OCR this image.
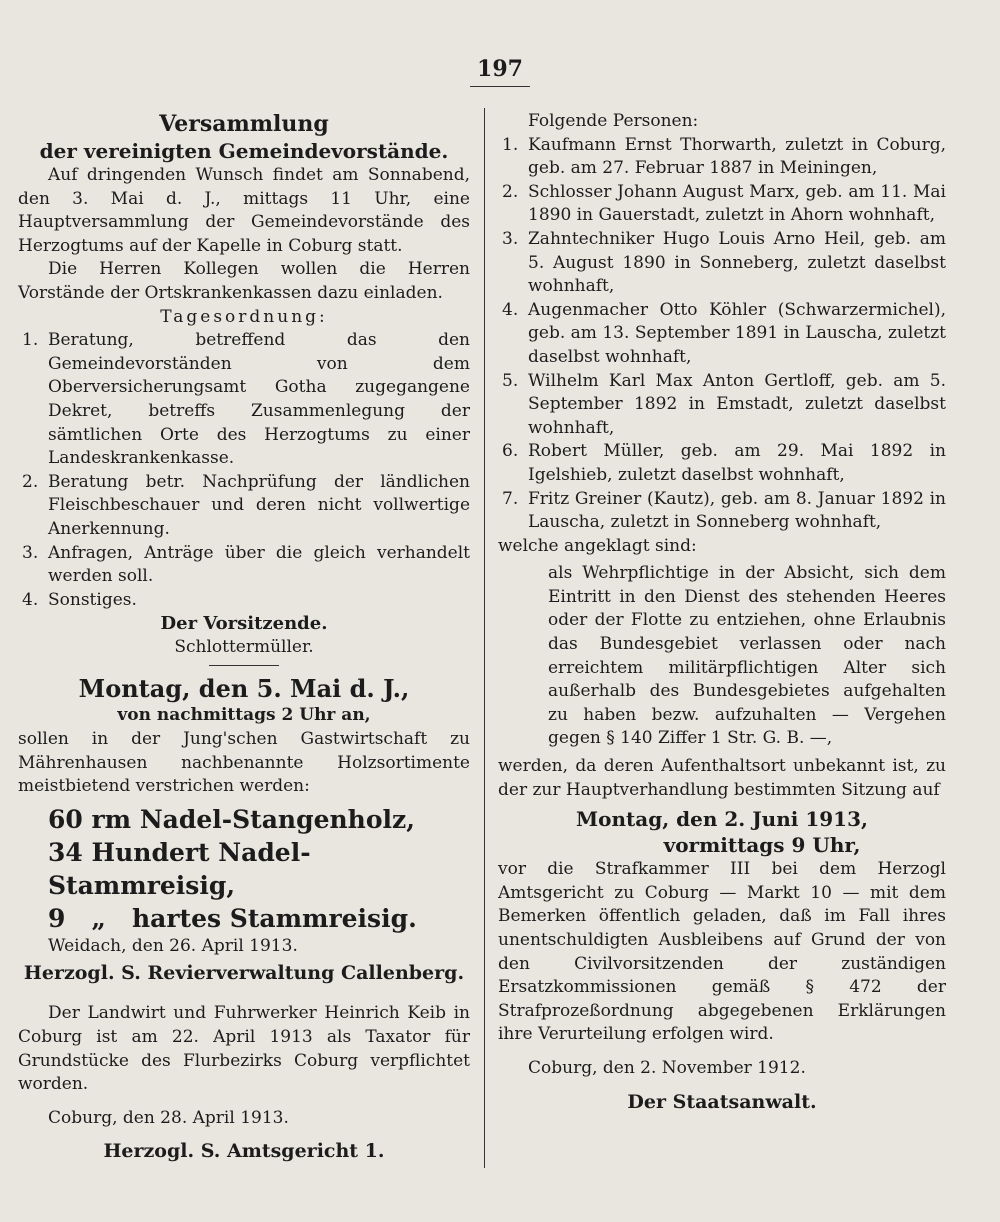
197

Versammlung

der vereinigten Gemeindevorstände.

Auf dringenden Wunsch findet am Sonnabend, den 3. Mai d. J., mittags 11 Uhr, eine Hauptversammlung der Gemeindevorstände des Herzogtums auf der Kapelle in Coburg statt.

Die Herren Kollegen wollen die Herren Vorstände der Ortskrankenkassen dazu einladen.

Tagesordnung:

1. Beratung, betreffend das den Gemeindevorständen von dem Oberversicherungsamt Gotha zugegangene Dekret, betreffs Zusammenlegung der sämtlichen Orte des Herzogtums zu einer Landeskrankenkasse.
2. Beratung betr. Nachprüfung der ländlichen Fleischbeschauer und deren nicht vollwertige Anerkennung.
3. Anfragen, Anträge über die gleich verhandelt werden soll.
4. Sonstiges.

Der Vorsitzende.

Schlottermüller.

Montag, den 5. Mai d. J.,

von nachmittags 2 Uhr an,

sollen in der Jung'schen Gastwirtschaft zu Mährenhausen nachbenannte Holzsortimente meistbietend verstrichen werden:

60 rm Nadel-Stangenholz,

34 Hundert Nadel-Stammreisig,

9   „   hartes Stammreisig.

Weidach, den 26. April 1913.

Herzogl. S. Revierverwaltung Callenberg.

Der Landwirt und Fuhrwerker Heinrich Keib in Coburg ist am 22. April 1913 als Taxator für Grundstücke des Flurbezirks Coburg verpflichtet worden.

Coburg, den 28. April 1913.

Herzogl. S. Amtsgericht 1.

Folgende Personen:

1. Kaufmann Ernst Thorwarth, zuletzt in Coburg, geb. am 27. Februar 1887 in Meiningen,
2. Schlosser Johann August Marx, geb. am 11. Mai 1890 in Gauerstadt, zuletzt in Ahorn wohnhaft,
3. Zahntechniker Hugo Louis Arno Heil, geb. am 5. August 1890 in Sonneberg, zuletzt daselbst wohnhaft,
4. Augenmacher Otto Köhler (Schwarzermichel), geb. am 13. September 1891 in Lauscha, zuletzt daselbst wohnhaft,
5. Wilhelm Karl Max Anton Gertloff, geb. am 5. September 1892 in Emstadt, zuletzt daselbst wohnhaft,
6. Robert Müller, geb. am 29. Mai 1892 in Igelshieb, zuletzt daselbst wohnhaft,
7. Fritz Greiner (Kautz), geb. am 8. Januar 1892 in Lauscha, zuletzt in Sonneberg wohnhaft,

welche angeklagt sind:

als Wehrpflichtige in der Absicht, sich dem Eintritt in den Dienst des stehenden Heeres oder der Flotte zu entziehen, ohne Erlaubnis das Bundesgebiet verlassen oder nach erreichtem militärpflichtigen Alter sich außerhalb des Bundesgebietes aufgehalten zu haben bezw. aufzuhalten — Vergehen gegen § 140 Ziffer 1 Str. G. B. —,

werden, da deren Aufenthaltsort unbekannt ist, zu der zur Hauptverhandlung bestimmten Sitzung auf

Montag, den 2. Juni 1913,

vormittags 9 Uhr,

vor die Strafkammer III bei dem Herzogl Amtsgericht zu Coburg — Markt 10 — mit dem Bemerken öffentlich geladen, daß im Fall ihres unentschuldigten Ausbleibens auf Grund der von den Civilvorsitzenden der zuständigen Ersatzkommissionen gemäß § 472 der Strafprozeßordnung abgegebenen Erklärungen ihre Verurteilung erfolgen wird.

Coburg, den 2. November 1912.

Der Staatsanwalt.
